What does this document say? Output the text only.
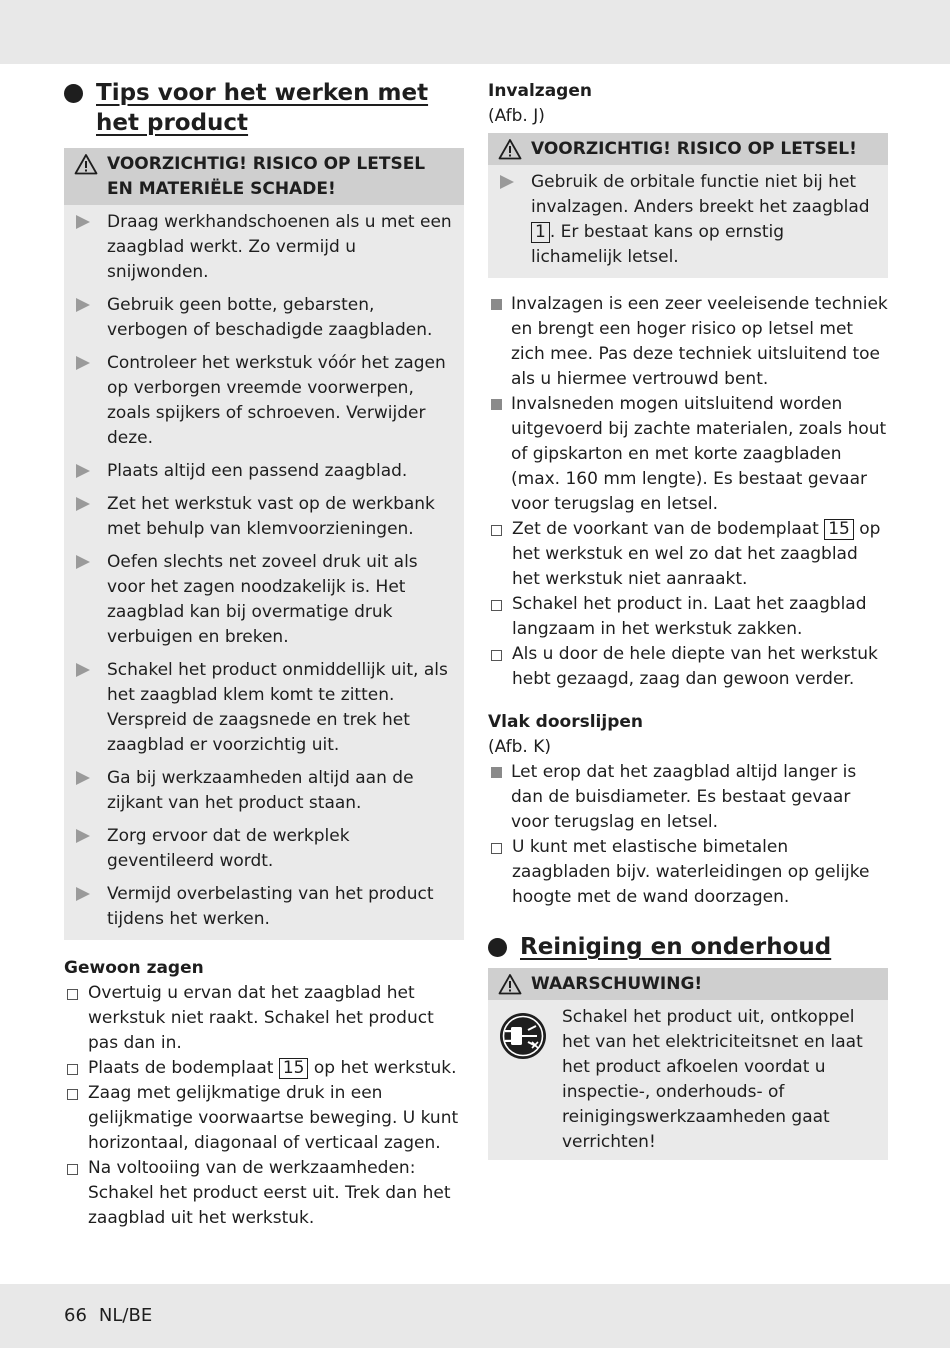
Tips voor het werken met het product
VOORZICHTIG! RISICO OP LETSEL EN MATERIËLE SCHADE!
Draag werkhandschoenen als u met een zaagblad werkt. Zo vermijd u snijwonden.
Gebruik geen botte, gebarsten, verbogen of beschadigde zaagbladen.
Controleer het werkstuk vóór het zagen op verborgen vreemde voorwerpen, zoals spijkers of schroeven. Verwijder deze.
Plaats altijd een passend zaagblad.
Zet het werkstuk vast op de werkbank met behulp van klemvoorzieningen.
Oefen slechts net zoveel druk uit als voor het zagen noodzakelijk is. Het zaagblad kan bij overmatige druk verbuigen en breken.
Schakel het product onmiddellijk uit, als het zaagblad klem komt te zitten.
Verspreid de zaagsnede en trek het zaagblad er voorzichtig uit.
Ga bij werkzaamheden altijd aan de zijkant van het product staan.
Zorg ervoor dat de werkplek geventileerd wordt.
Vermijd overbelasting van het product tijdens het werken.
Gewoon zagen
Overtuig u ervan dat het zaagblad het werkstuk niet raakt. Schakel het product pas dan in.
Plaats de bodemplaat 15 op het werkstuk.
Zaag met gelijkmatige druk in een gelijkmatige voorwaartse beweging. U kunt horizontaal, diagonaal of verticaal zagen.
Na voltooiing van de werkzaamheden: Schakel het product eerst uit. Trek dan het zaagblad uit het werkstuk.
Invalzagen
(Afb. J)
VOORZICHTIG! RISICO OP LETSEL!
Gebruik de orbitale functie niet bij het invalzagen. Anders breekt het zaagblad 1 . Er bestaat kans op ernstig lichamelijk letsel.
Invalzagen is een zeer veeleisende techniek en brengt een hoger risico op letsel met zich mee. Pas deze techniek uitsluitend toe als u hiermee vertrouwd bent.
Invalsneden mogen uitsluitend worden uitgevoerd bij zachte materialen, zoals hout of gipskarton en met korte zaagbladen (max. 160 mm lengte). Es bestaat gevaar voor terugslag en letsel.
Zet de voorkant van de bodemplaat 15 op het werkstuk en wel zo dat het zaagblad het werkstuk niet aanraakt.
Schakel het product in. Laat het zaagblad langzaam in het werkstuk zakken.
Als u door de hele diepte van het werkstuk hebt gezaagd, zaag dan gewoon verder.
Vlak doorslijpen
(Afb. K)
Let erop dat het zaagblad altijd langer is dan de buisdiameter. Es bestaat gevaar voor terugslag en letsel.
U kunt met elastische bimetalen zaagbladen bijv. waterleidingen op gelijke hoogte met de wand doorzagen.
Reiniging en onderhoud
WAARSCHUWING!
Schakel het product uit, ontkoppel het van het elektriciteitsnet en laat het product afkoelen voordat u inspectie-, onderhouds- of reinigingswerkzaamheden gaat verrichten!
66 NL/BE
